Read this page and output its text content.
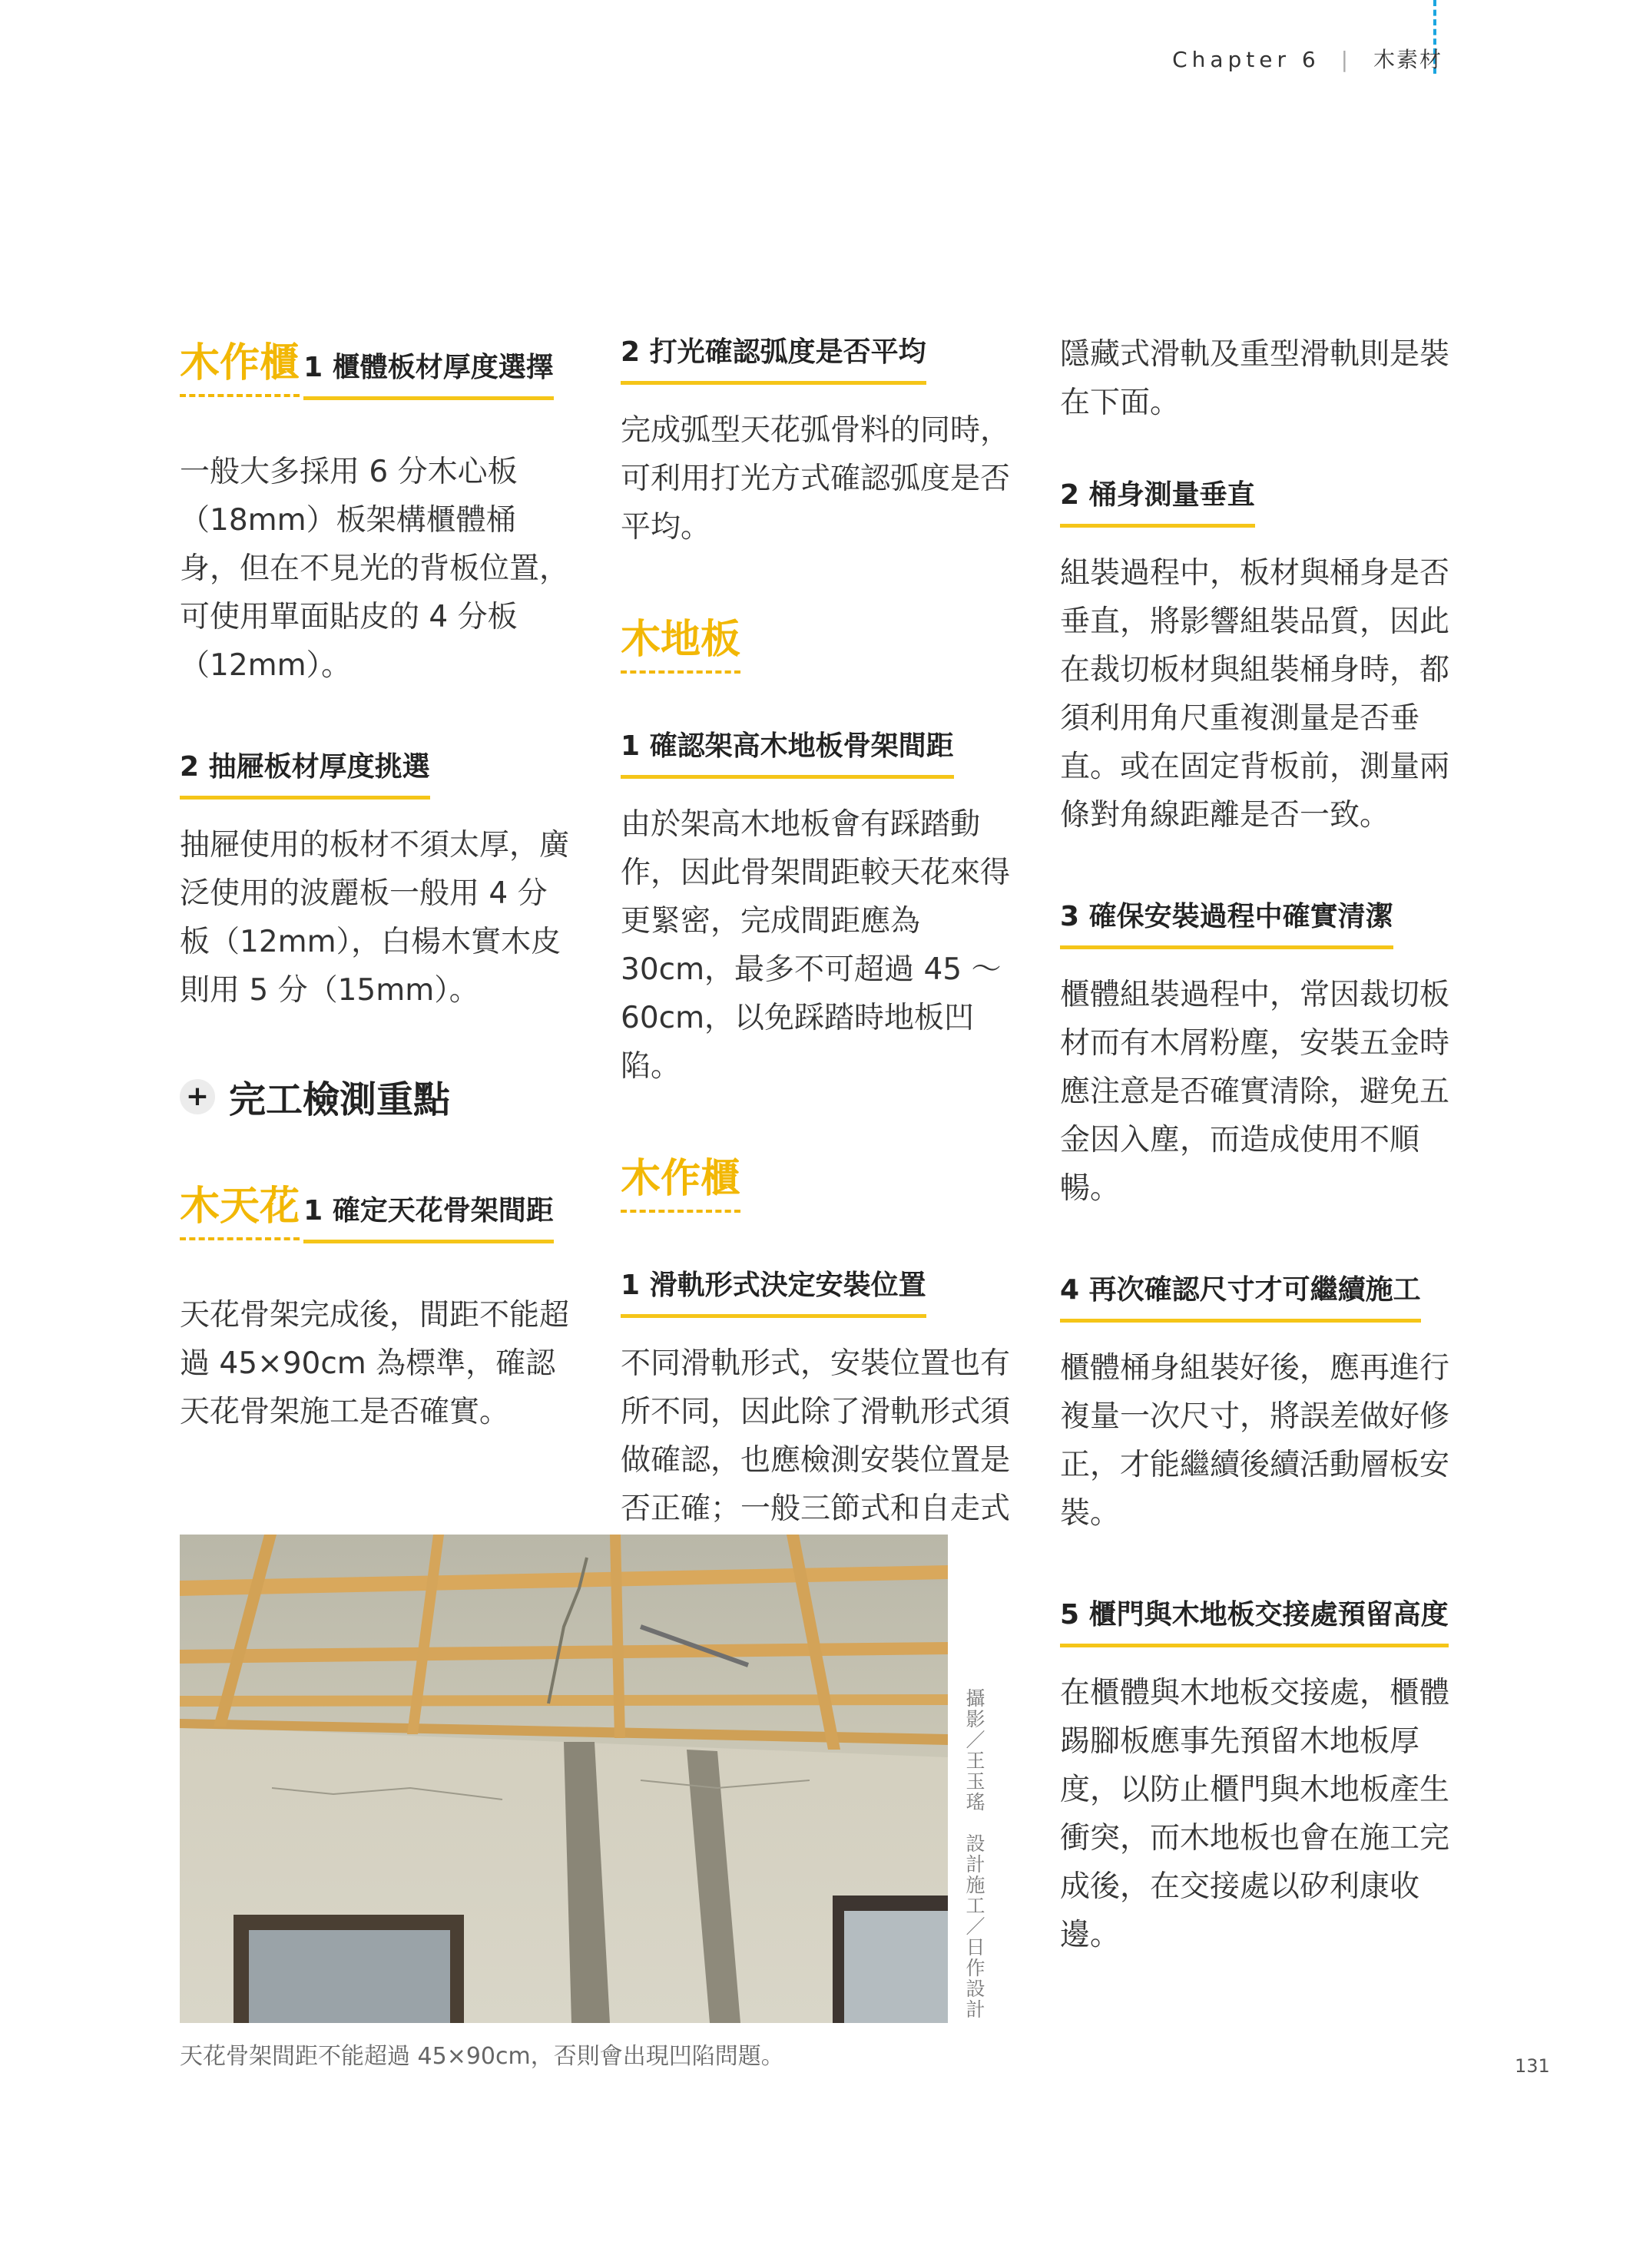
Chapter 6 | 木素材
木作櫃 1 櫃體板材厚度選擇

一般大多採用 6 分木心板（18mm）板架構櫃體桶身，但在不見光的背板位置，可使用單面貼皮的 4 分板（12mm）。

2 抽屜板材厚度挑選

抽屜使用的板材不須太厚，廣泛使用的波麗板一般用 4 分板（12mm），白楊木實木皮則用 5 分（15mm）。

+ 完工檢測重點
木天花 1 確定天花骨架間距

天花骨架完成後，間距不能超過 45×90cm 為標準，確認天花骨架施工是否確實。

2 打光確認弧度是否平均

完成弧型天花弧骨料的同時，可利用打光方式確認弧度是否平均。

木地板 1 確認架高木地板骨架間距

由於架高木地板會有踩踏動作，因此骨架間距較天花來得更緊密，完成間距應為 30cm，最多不可超過 45 ～ 60cm，以免踩踏時地板凹陷。

木作櫃 1 滑軌形式決定安裝位置

不同滑軌形式，安裝位置也有所不同，因此除了滑軌形式須做確認，也應檢測安裝位置是否正確；一般三節式和自走式

隱藏式滑軌及重型滑軌則是裝在下面。

2 桶身測量垂直

組裝過程中，板材與桶身是否垂直，將影響組裝品質，因此在裁切板材與組裝桶身時，都須利用角尺重複測量是否垂直。或在固定背板前，測量兩條對角線距離是否一致。

3 確保安裝過程中確實清潔

櫃體組裝過程中，常因裁切板材而有木屑粉塵，安裝五金時應注意是否確實清除，避免五金因入塵，而造成使用不順暢。

4 再次確認尺寸才可繼續施工

櫃體桶身組裝好後，應再進行複量一次尺寸，將誤差做好修正，才能繼續後續活動層板安裝。

5 櫃門與木地板交接處預留高度

在櫃體與木地板交接處，櫃體踢腳板應事先預留木地板厚度，以防止櫃門與木地板產生衝突，而木地板也會在施工完成後，在交接處以矽利康收邊。

攝影／王玉瑤　設計施工／日作設計
天花骨架間距不能超過 45×90cm，否則會出現凹陷問題。	131
